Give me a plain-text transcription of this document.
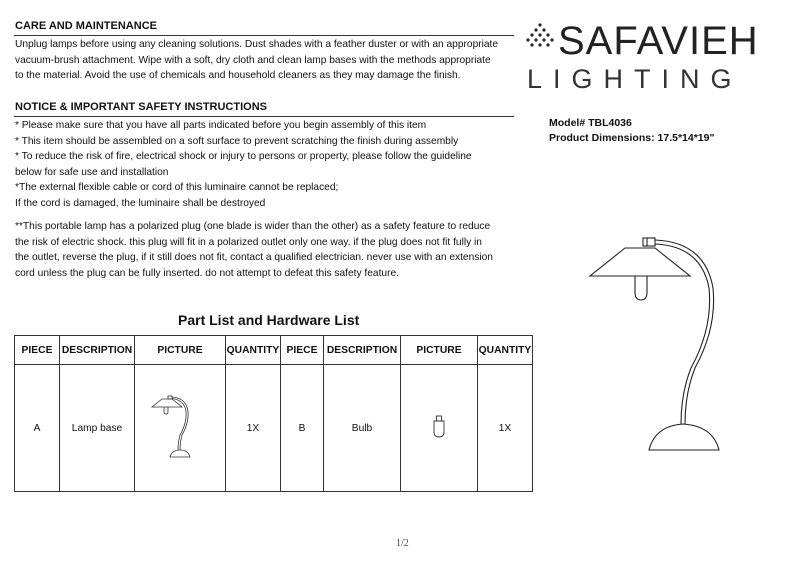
CARE AND MAINTENANCE
Unplug lamps before using any cleaning solutions. Dust shades with a feather duster or with an appropriate
vacuum-brush attachment. Wipe with a soft, dry cloth and clean lamp bases with the methods appropriate
to the material. Avoid the use of chemicals and household cleaners as they may damage the finish.
NOTICE & IMPORTANT SAFETY INSTRUCTIONS
* Please make sure that you have all parts indicated before you begin assembly of this item
* This item should be assembled on a soft surface to prevent scratching the finish during assembly
* To reduce the risk of fire, electrical shock or injury to persons or property, please follow the guideline
below for safe use and installation
*The external flexible cable or cord of this luminaire cannot be replaced;
If the cord is damaged, the luminaire shall be destroyed
**This portable lamp has a polarized plug (one blade is wider than the other) as a safety feature to reduce
the risk of electric shock. this plug will fit in a polarized outlet only one way. if the plug does not fit fully in
the outlet, reverse the plug, if it still does not fit, contact a qualified electrician. never use with an extension
cord unless the plug can be fully inserted. do not attempt to defeat this safety feature.
SAFAVIEH
LIGHTING
Model# TBL4036
Product Dimensions: 17.5*14*19"
Part List and Hardware List
PIECE	DESCRIPTION	PICTURE	QUANTITY	PIECE	DESCRIPTION	PICTURE	QUANTITY
A	Lamp base		1X	B	Bulb		1X
1/2
